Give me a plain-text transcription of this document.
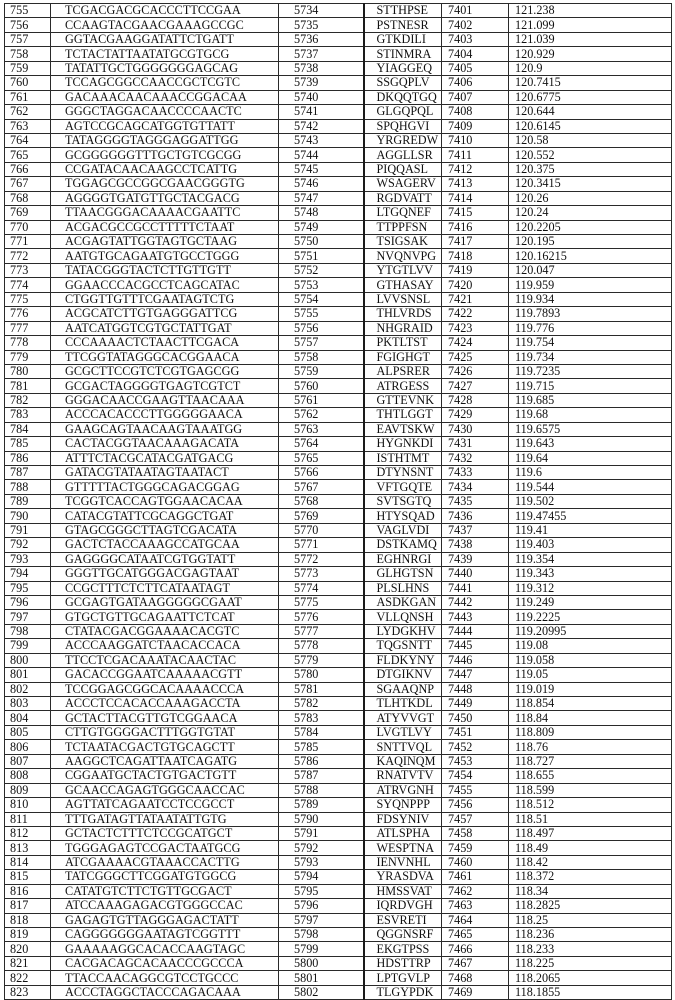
755	TCGACGACGCACCCTTCCGAA	5734	STTHPSE	7401	121.238
756	CCAAGTACGAACGAAAGCCGC	5735	PSTNESR	7402	121.099
757	GGTACGAAGGATATTCTGATT	5736	GTKDILI	7403	121.039
758	TCTACTATTAATATGCGTGCG	5737	STINMRA	7404	120.929
759	TATATTGCTGGGGGGGAGCAG	5738	YIAGGEQ	7405	120.9
760	TCCAGCGGCCAACCGCTCGTC	5739	SSGQPLV	7406	120.7415
761	GACAAACAACAAACCGGACAA	5740	DKQQTGQ	7407	120.6775
762	GGGCTAGGACAACCCCAACTC	5741	GLGQPQL	7408	120.644
763	AGTCCGCAGCATGGTGTTATT	5742	SPQHGVI	7409	120.6145
764	TATAGGGGTAGGGAGGATTGG	5743	YRGREDW	7410	120.58
765	GCGGGGGGTTTGCTGTCGCGG	5744	AGGLLSR	7411	120.552
766	CCGATACAACAAGCCTCATTG	5745	PIQQASL	7412	120.375
767	TGGAGCGCCGGCGAACGGGTG	5746	WSAGERV	7413	120.3415
768	AGGGGTGATGTTGCTACGACG	5747	RGDVATT	7414	120.26
769	TTAACGGGACAAAACGAATTC	5748	LTGQNEF	7415	120.24
770	ACGACGCCGCCTTTTTCTAAT	5749	TTPPFSN	7416	120.2205
771	ACGAGTATTGGTAGTGCTAAG	5750	TSIGSAK	7417	120.195
772	AATGTGCAGAATGTGCCTGGG	5751	NVQNVPG	7418	120.16215
773	TATACGGGTACTCTTGTTGTT	5752	YTGTLVV	7419	120.047
774	GGAACCCACGCCTCAGCATAC	5753	GTHASAY	7420	119.959
775	CTGGTTGTTTCGAATAGTCTG	5754	LVVSNSL	7421	119.934
776	ACGCATCTTGTGAGGGATTCG	5755	THLVRDS	7422	119.7893
777	AATCATGGTCGTGCTATTGAT	5756	NHGRAID	7423	119.776
778	CCCAAAACTCTAACTTCGACA	5757	PKTLTST	7424	119.754
779	TTCGGTATAGGGCACGGAACA	5758	FGIGHGT	7425	119.734
780	GCGCTTCCGTCTCGTGAGCGG	5759	ALPSRER	7426	119.7235
781	GCGACTAGGGGTGAGTCGTCT	5760	ATRGESS	7427	119.715
782	GGGACAACCGAAGTTAACAAA	5761	GTTEVNK	7428	119.685
783	ACCCACACCCTTGGGGGAACA	5762	THTLGGT	7429	119.68
784	GAAGCAGTAACAAGTAAATGG	5763	EAVTSKW	7430	119.6575
785	CACTACGGTAACAAAGACATA	5764	HYGNKDI	7431	119.643
786	ATTTCTACGCATACGATGACG	5765	ISTHTMT	7432	119.64
787	GATACGTATAATAGTAATACT	5766	DTYNSNT	7433	119.6
788	GTTTTTACTGGGCAGACGGAG	5767	VFTGQTE	7434	119.544
789	TCGGTCACCAGTGGAACACAA	5768	SVTSGTQ	7435	119.502
790	CATACGTATTCGCAGGCTGAT	5769	HTYSQAD	7436	119.47455
791	GTAGCGGGCTTAGTCGACATA	5770	VAGLVDI	7437	119.41
792	GACTCTACCAAAGCCATGCAA	5771	DSTKAMQ	7438	119.403
793	GAGGGGCATAATCGTGGTATT	5772	EGHNRGI	7439	119.354
794	GGGTTGCATGGGACGAGTAAT	5773	GLHGTSN	7440	119.343
795	CCGCTTTCTCTTCATAATAGT	5774	PLSLHNS	7441	119.312
796	GCGAGTGATAAGGGGGCGAAT	5775	ASDKGAN	7442	119.249
797	GTGCTGTTGCAGAATTCTCAT	5776	VLLQNSH	7443	119.2225
798	CTATACGACGGAAAACACGTC	5777	LYDGKHV	7444	119.20995
799	ACCCAAGGATCTAACACCACA	5778	TQGSNTT	7445	119.08
800	TTCCTCGACAAATACAACTAC	5779	FLDKYNY	7446	119.058
801	GACACCGGAATCAAAAACGTT	5780	DTGIKNV	7447	119.05
802	TCCGGAGCGGCACAAAACCCA	5781	SGAAQNP	7448	119.019
803	ACCCTCCACACCAAAGACCTA	5782	TLHTKDL	7449	118.854
804	GCTACTTACGTTGTCGGAACA	5783	ATYVVGT	7450	118.84
805	CTTGTGGGGACTTTGGTGTAT	5784	LVGTLVY	7451	118.809
806	TCTAATACGACTGTGCAGCTT	5785	SNTTVQL	7452	118.76
807	AAGGCTCAGATTAATCAGATG	5786	KAQINQM	7453	118.727
808	CGGAATGCTACTGTGACTGTT	5787	RNATVTV	7454	118.655
809	GCAACCAGAGTGGGCAACCAC	5788	ATRVGNH	7455	118.599
810	AGTTATCAGAATCCTCCGCCT	5789	SYQNPPP	7456	118.512
811	TTTGATAGTTATAATATTGTG	5790	FDSYNIV	7457	118.51
812	GCTACTCTTTCTCCGCATGCT	5791	ATLSPHA	7458	118.497
813	TGGGAGAGTCCGACTAATGCG	5792	WESPTNA	7459	118.49
814	ATCGAAAACGTAAACCACTTG	5793	IENVNHL	7460	118.42
815	TATCGGGCTTCGGATGTGGCG	5794	YRASDVA	7461	118.372
816	CATATGTCTTCTGTTGCGACT	5795	HMSSVAT	7462	118.34
817	ATCCAAAGAGACGTGGGCCAC	5796	IQRDVGH	7463	118.2825
818	GAGAGTGTTAGGGAGACTATT	5797	ESVRETI	7464	118.25
819	CAGGGGGGGAATAGTCGGTTT	5798	QGGNSRF	7465	118.236
820	GAAAAAGGCACACCAAGTAGC	5799	EKGTPSS	7466	118.233
821	CACGACAGCACAACCCGCCCA	5800	HDSTTRP	7467	118.225
822	TTACCAACAGGCGTCCTGCCC	5801	LPTGVLP	7468	118.2065
823	ACCCTAGGCTACCCAGACAAA	5802	TLGYPDK	7469	118.1855
